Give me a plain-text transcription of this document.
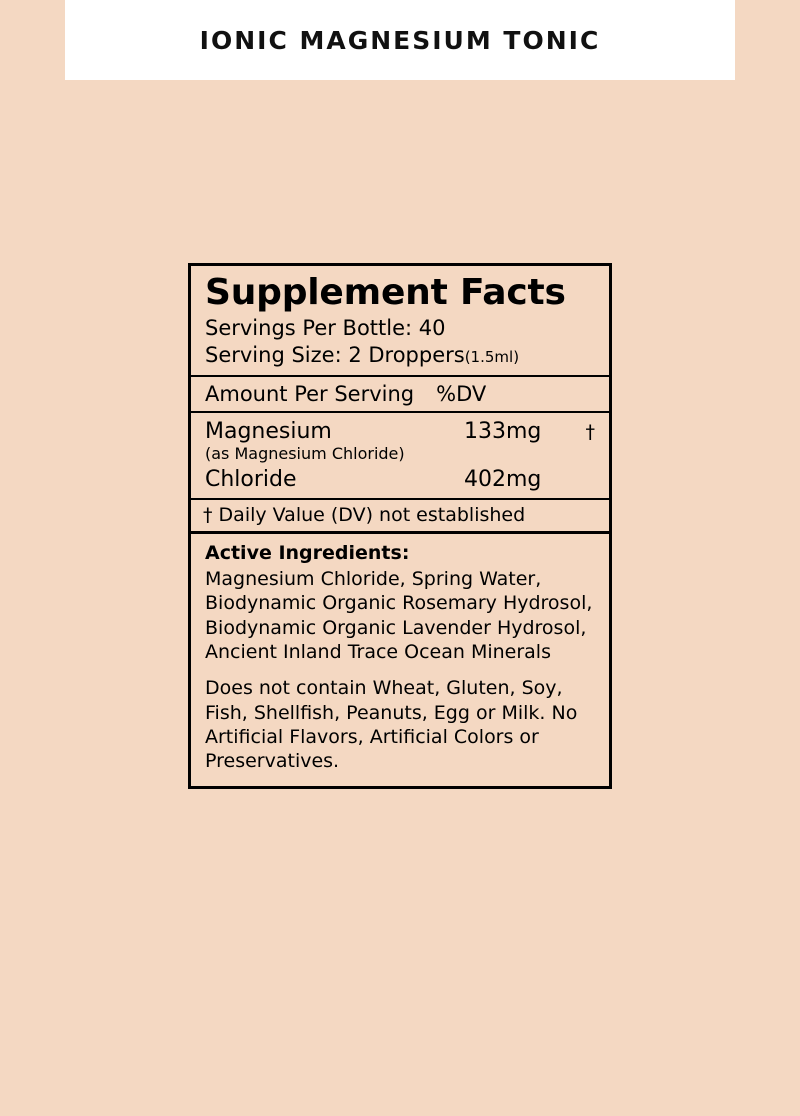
IONIC MAGNESIUM TONIC
Supplement Facts
Servings Per Bottle: 40
Serving Size: 2 Droppers(1.5ml)
Amount Per Serving %DV
Magnesium	133mg	†
(as Magnesium Chloride)
Chloride	402mg
† Daily Value (DV) not established
Active Ingredients:
Magnesium Chloride, Spring Water, Biodynamic Organic Rosemary Hydrosol, Biodynamic Organic Lavender Hydrosol, Ancient Inland Trace Ocean Minerals
Does not contain Wheat, Gluten, Soy, Fish, Shellfish, Peanuts, Egg or Milk. No Artificial Flavors, Artificial Colors or Preservatives.
